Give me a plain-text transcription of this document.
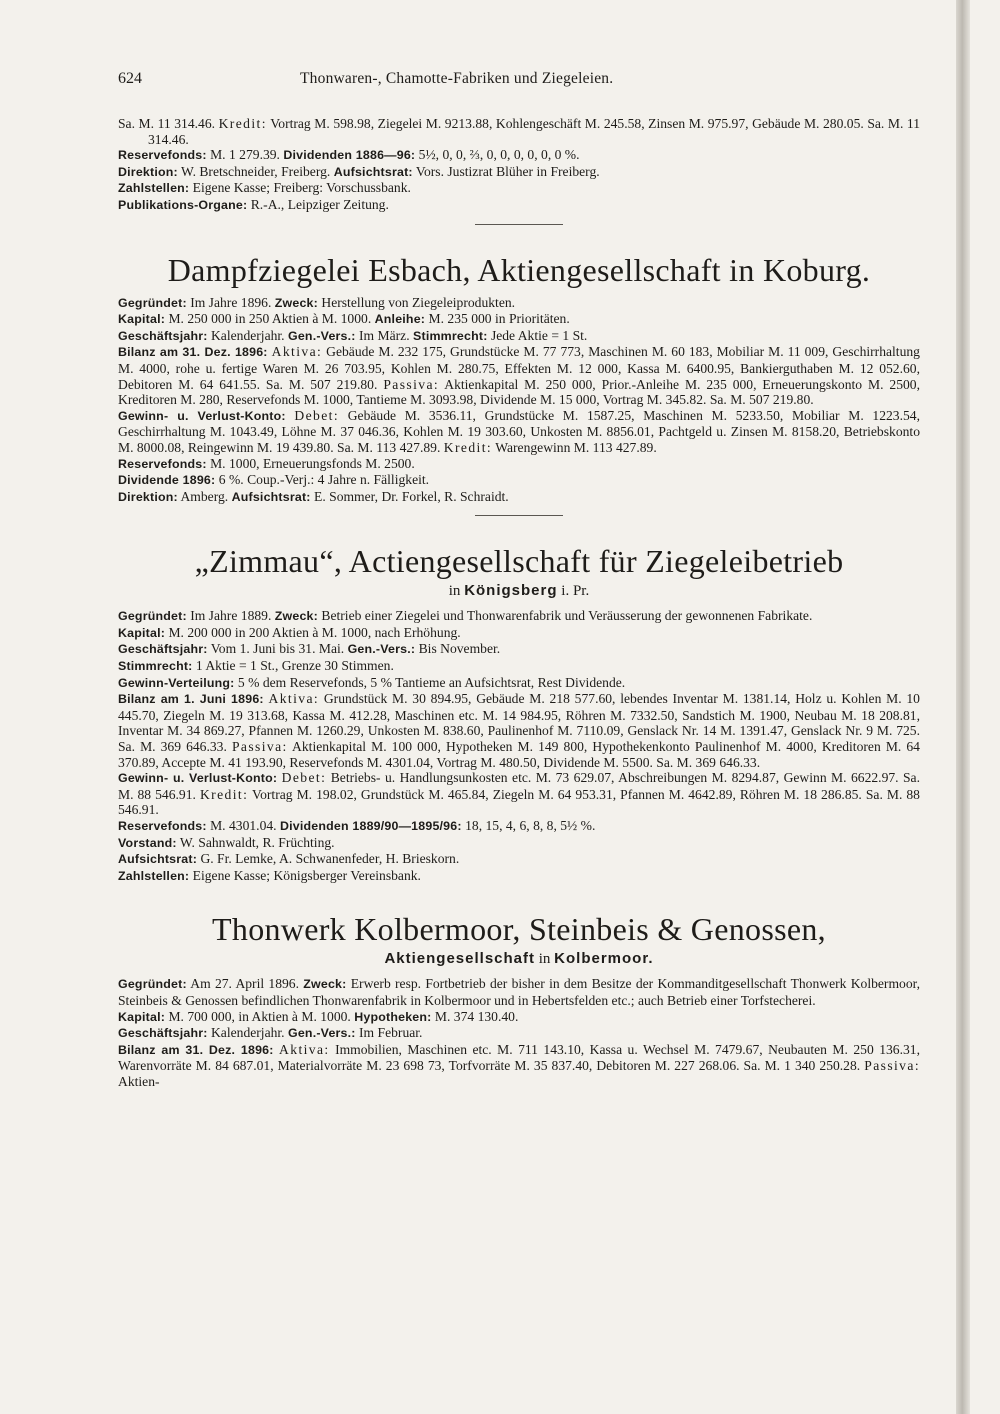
624	Thonwaren-, Chamotte-Fabriken und Ziegeleien.

Sa. M. 11 314.46. Kredit: Vortrag M. 598.98, Ziegelei M. 9213.88, Kohlengeschäft M. 245.58, Zinsen M. 975.97, Gebäude M. 280.05. Sa. M. 11 314.46.

Reservefonds: M. 1 279.39. Dividenden 1886—96: 5½, 0, 0, ⅔, 0, 0, 0, 0, 0, 0 %.

Direktion: W. Bretschneider, Freiberg. Aufsichtsrat: Vors. Justizrat Blüher in Freiberg.

Zahlstellen: Eigene Kasse; Freiberg: Vorschussbank.

Publikations-Organe: R.-A., Leipziger Zeitung.

Dampfziegelei Esbach, Aktiengesellschaft in Koburg.

Gegründet: Im Jahre 1896. Zweck: Herstellung von Ziegeleiprodukten.

Kapital: M. 250 000 in 250 Aktien à M. 1000. Anleihe: M. 235 000 in Prioritäten.

Geschäftsjahr: Kalenderjahr. Gen.-Vers.: Im März. Stimmrecht: Jede Aktie = 1 St.

Bilanz am 31. Dez. 1896: Aktiva: Gebäude M. 232 175, Grundstücke M. 77 773, Maschinen M. 60 183, Mobiliar M. 11 009, Geschirrhaltung M. 4000, rohe u. fertige Waren M. 26 703.95, Kohlen M. 280.75, Effekten M. 12 000, Kassa M. 6400.95, Bankierguthaben M. 12 052.60, Debitoren M. 64 641.55. Sa. M. 507 219.80. Passiva: Aktienkapital M. 250 000, Prior.-Anleihe M. 235 000, Erneuerungskonto M. 2500, Kreditoren M. 280, Reservefonds M. 1000, Tantieme M. 3093.98, Dividende M. 15 000, Vortrag M. 345.82. Sa. M. 507 219.80.

Gewinn- u. Verlust-Konto: Debet: Gebäude M. 3536.11, Grundstücke M. 1587.25, Maschinen M. 5233.50, Mobiliar M. 1223.54, Geschirrhaltung M. 1043.49, Löhne M. 37 046.36, Kohlen M. 19 303.60, Unkosten M. 8856.01, Pachtgeld u. Zinsen M. 8158.20, Betriebskonto M. 8000.08, Reingewinn M. 19 439.80. Sa. M. 113 427.89. Kredit: Warengewinn M. 113 427.89.

Reservefonds: M. 1000, Erneuerungsfonds M. 2500.

Dividende 1896: 6 %. Coup.-Verj.: 4 Jahre n. Fälligkeit.

Direktion: Amberg. Aufsichtsrat: E. Sommer, Dr. Forkel, R. Schraidt.

„Zimmau“, Actiengesellschaft für Ziegeleibetrieb
in Königsberg i. Pr.

Gegründet: Im Jahre 1889. Zweck: Betrieb einer Ziegelei und Thonwarenfabrik und Veräusserung der gewonnenen Fabrikate.

Kapital: M. 200 000 in 200 Aktien à M. 1000, nach Erhöhung.

Geschäftsjahr: Vom 1. Juni bis 31. Mai. Gen.-Vers.: Bis November.

Stimmrecht: 1 Aktie = 1 St., Grenze 30 Stimmen.

Gewinn-Verteilung: 5 % dem Reservefonds, 5 % Tantieme an Aufsichtsrat, Rest Dividende.

Bilanz am 1. Juni 1896: Aktiva: Grundstück M. 30 894.95, Gebäude M. 218 577.60, lebendes Inventar M. 1381.14, Holz u. Kohlen M. 10 445.70, Ziegeln M. 19 313.68, Kassa M. 412.28, Maschinen etc. M. 14 984.95, Röhren M. 7332.50, Sandstich M. 1900, Neubau M. 18 208.81, Inventar M. 34 869.27, Pfannen M. 1260.29, Unkosten M. 838.60, Paulinenhof M. 7110.09, Genslack Nr. 14 M. 1391.47, Genslack Nr. 9 M. 725. Sa. M. 369 646.33. Passiva: Aktienkapital M. 100 000, Hypotheken M. 149 800, Hypothekenkonto Paulinenhof M. 4000, Kreditoren M. 64 370.89, Accepte M. 41 193.90, Reservefonds M. 4301.04, Vortrag M. 480.50, Dividende M. 5500. Sa. M. 369 646.33.

Gewinn- u. Verlust-Konto: Debet: Betriebs- u. Handlungsunkosten etc. M. 73 629.07, Abschreibungen M. 8294.87, Gewinn M. 6622.97. Sa. M. 88 546.91. Kredit: Vortrag M. 198.02, Grundstück M. 465.84, Ziegeln M. 64 953.31, Pfannen M. 4642.89, Röhren M. 18 286.85. Sa. M. 88 546.91.

Reservefonds: M. 4301.04. Dividenden 1889/90—1895/96: 18, 15, 4, 6, 8, 8, 5½ %.

Vorstand: W. Sahnwaldt, R. Früchting.

Aufsichtsrat: G. Fr. Lemke, A. Schwanenfeder, H. Brieskorn.

Zahlstellen: Eigene Kasse; Königsberger Vereinsbank.

Thonwerk Kolbermoor, Steinbeis & Genossen,
Aktiengesellschaft in Kolbermoor.

Gegründet: Am 27. April 1896. Zweck: Erwerb resp. Fortbetrieb der bisher in dem Besitze der Kommanditgesellschaft Thonwerk Kolbermoor, Steinbeis & Genossen befindlichen Thonwarenfabrik in Kolbermoor und in Hebertsfelden etc.; auch Betrieb einer Torfstecherei.

Kapital: M. 700 000, in Aktien à M. 1000. Hypotheken: M. 374 130.40.

Geschäftsjahr: Kalenderjahr. Gen.-Vers.: Im Februar.

Bilanz am 31. Dez. 1896: Aktiva: Immobilien, Maschinen etc. M. 711 143.10, Kassa u. Wechsel M. 7479.67, Neubauten M. 250 136.31, Warenvorräte M. 84 687.01, Materialvorräte M. 23 698 73, Torfvorräte M. 35 837.40, Debitoren M. 227 268.06. Sa. M. 1 340 250.28. Passiva: Aktien-
